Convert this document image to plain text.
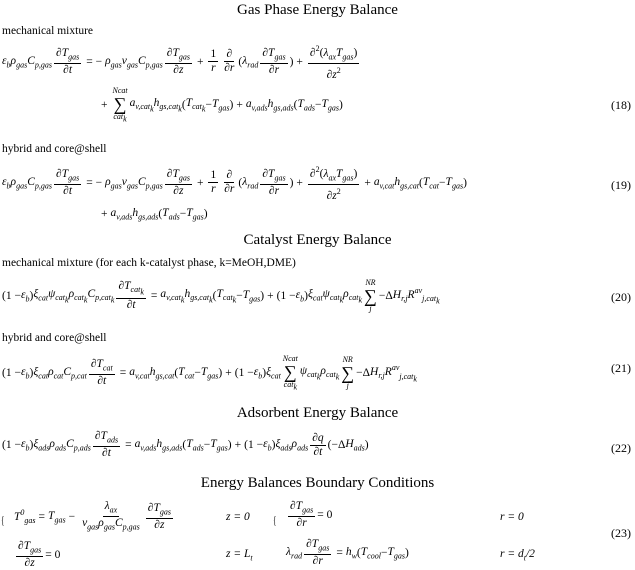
Gas Phase Energy Balance
mechanical mixture
$\varepsilon_b\rho_{gas}C_{p,gas} \frac{\partial T_{gas}}{\partial t}$ = − $\rho_{gas}v_{gas}C_{p,gas} \frac{\partial T_{gas}}{\partial z} + \frac{1}{r} \frac{\partial}{\partial r}$ ( $\lambda_{rad} \frac{\partial T_{gas}}{\partial r}$ ) + $\frac{\partial^2(\lambda_{ax}T_{gas})}{\partial z^2}$
(18)
+
Ncat
∑
cat$_k$
$a_{v,cat_k}h_{gs,cat_k}$ ( $T_{cat_k} - T_{gas}$ ) + $a_{v,ads}h_{gs,ads}$ ( $T_{ads} - T_{gas}$ )
hybrid and core@shell
$\varepsilon_b\rho_{gas}C_{p,gas} \frac{\partial T_{gas}}{\partial t}$ = − $\rho_{gas}v_{gas}C_{p,gas} \frac{\partial T_{gas}}{\partial z} + \frac{1}{r} \frac{\partial}{\partial r}$ ( $\lambda_{rad} \frac{\partial T_{gas}}{\partial r}$ ) + $\frac{\partial^2(\lambda_{ax}T_{gas})}{\partial z^2} + a_{v,cat}h_{gs,cat}$ ( $T_{cat} - T_{gas}$ )	(19)
+ $a_{v,ads}h_{gs,ads}$ ( $T_{ads} - T_{gas}$ )
Catalyst Energy Balance
mechanical mixture (for each k-catalyst phase, k=MeOH,DME)
($1 - \varepsilon_b$ ) $\xi_{cat}\psi_{cat_k}\rho_{cat_k}C_{p,cat_k} \frac{\partial T_{cat_k}}{\partial t} = a_{v,cat_k}h_{gs,cat_k}$ ( $T_{cat_k} - T_{gas}$ ) + ($1 - \varepsilon_b$ ) $\xi_{cat}\psi_{cat_k}\rho_{cat_k}$
NR
∑
j
−Δ $H_{r,j}R^{av}_{j,cat_k}$	(20)
hybrid and core@shell
($1 - \varepsilon_b$ ) $\xi_{cat}\rho_{cat}C_{p,cat} \frac{\partial T_{cat}}{\partial t} = a_{v,cat}h_{gs,cat}$ ( $T_{cat} - T_{gas}$ ) + ($1 - \varepsilon_b$ ) $\xi_{cat}$
Ncat
∑
cat$_k$
$\psi_{cat_k}\rho_{cat_k}$
NR
∑
j
−Δ $H_{r,j}R^{av}_{j,cat_k}$
(21)
Adsorbent Energy Balance
($1 - \varepsilon_b$ ) $\xi_{ads}\rho_{ads}C_{p,ads} \frac{\partial T_{ads}}{\partial t} = a_{v,ads}h_{gs,ads}$ ( $T_{ads} - T_{gas}$ ) + ($1 - \varepsilon_b$ ) $\xi_{ads}\rho_{ads} \frac{\partial q}{\partial t} (-\Delta$ $H_{ads}$ )	(22)
Energy Balances Boundary Conditions
{ $T^0_{gas} = T_{gas} - \frac{\lambda_{ax}}{v_{gas}\rho_{gas}C_{p,gas}} \frac{\partial T_{gas}}{\partial z}$	z = 0
$\frac{\partial T_{gas}}{\partial z} = 0$	$z = L_t$
{ $\frac{\partial T_{gas}}{\partial r} = 0$	r = 0
$\lambda_{rad} \frac{\partial T_{gas}}{\partial r} = h_w$ ( $T_{cool} - T_{gas}$ )	$r = d_t/2$
(23)
